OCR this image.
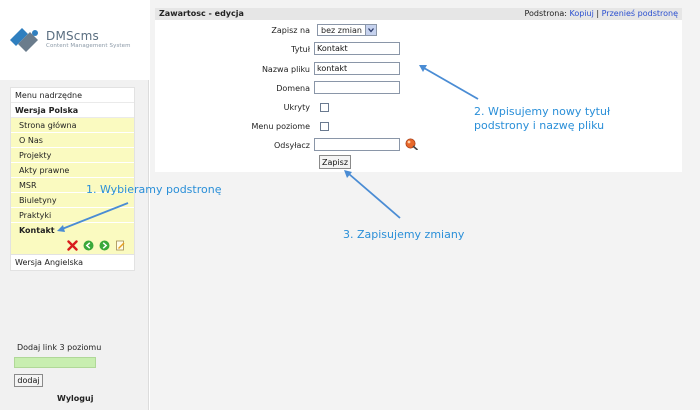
DMScms
Content Management System
Menu nadrzędne
Wersja Polska
Strona główna
O Nas
Projekty
Akty prawne
MSR
Biuletyny
Praktyki
Kontakt
Wersja Angielska
Dodaj link 3 poziomu
dodaj
Wyloguj
Zawartosc - edycja	Podstrona: Kopiuj | Przenieś podstronę
Zapisz na bez zmian
Tytuł
Kontakt
Nazwa pliku
kontakt
Domena
Ukryty
Menu poziome
Odsyłacz
Zapisz
1. Wybieramy podstronę
2. Wpisujemy nowy tytuł
podstrony i nazwę pliku
3. Zapisujemy zmiany
